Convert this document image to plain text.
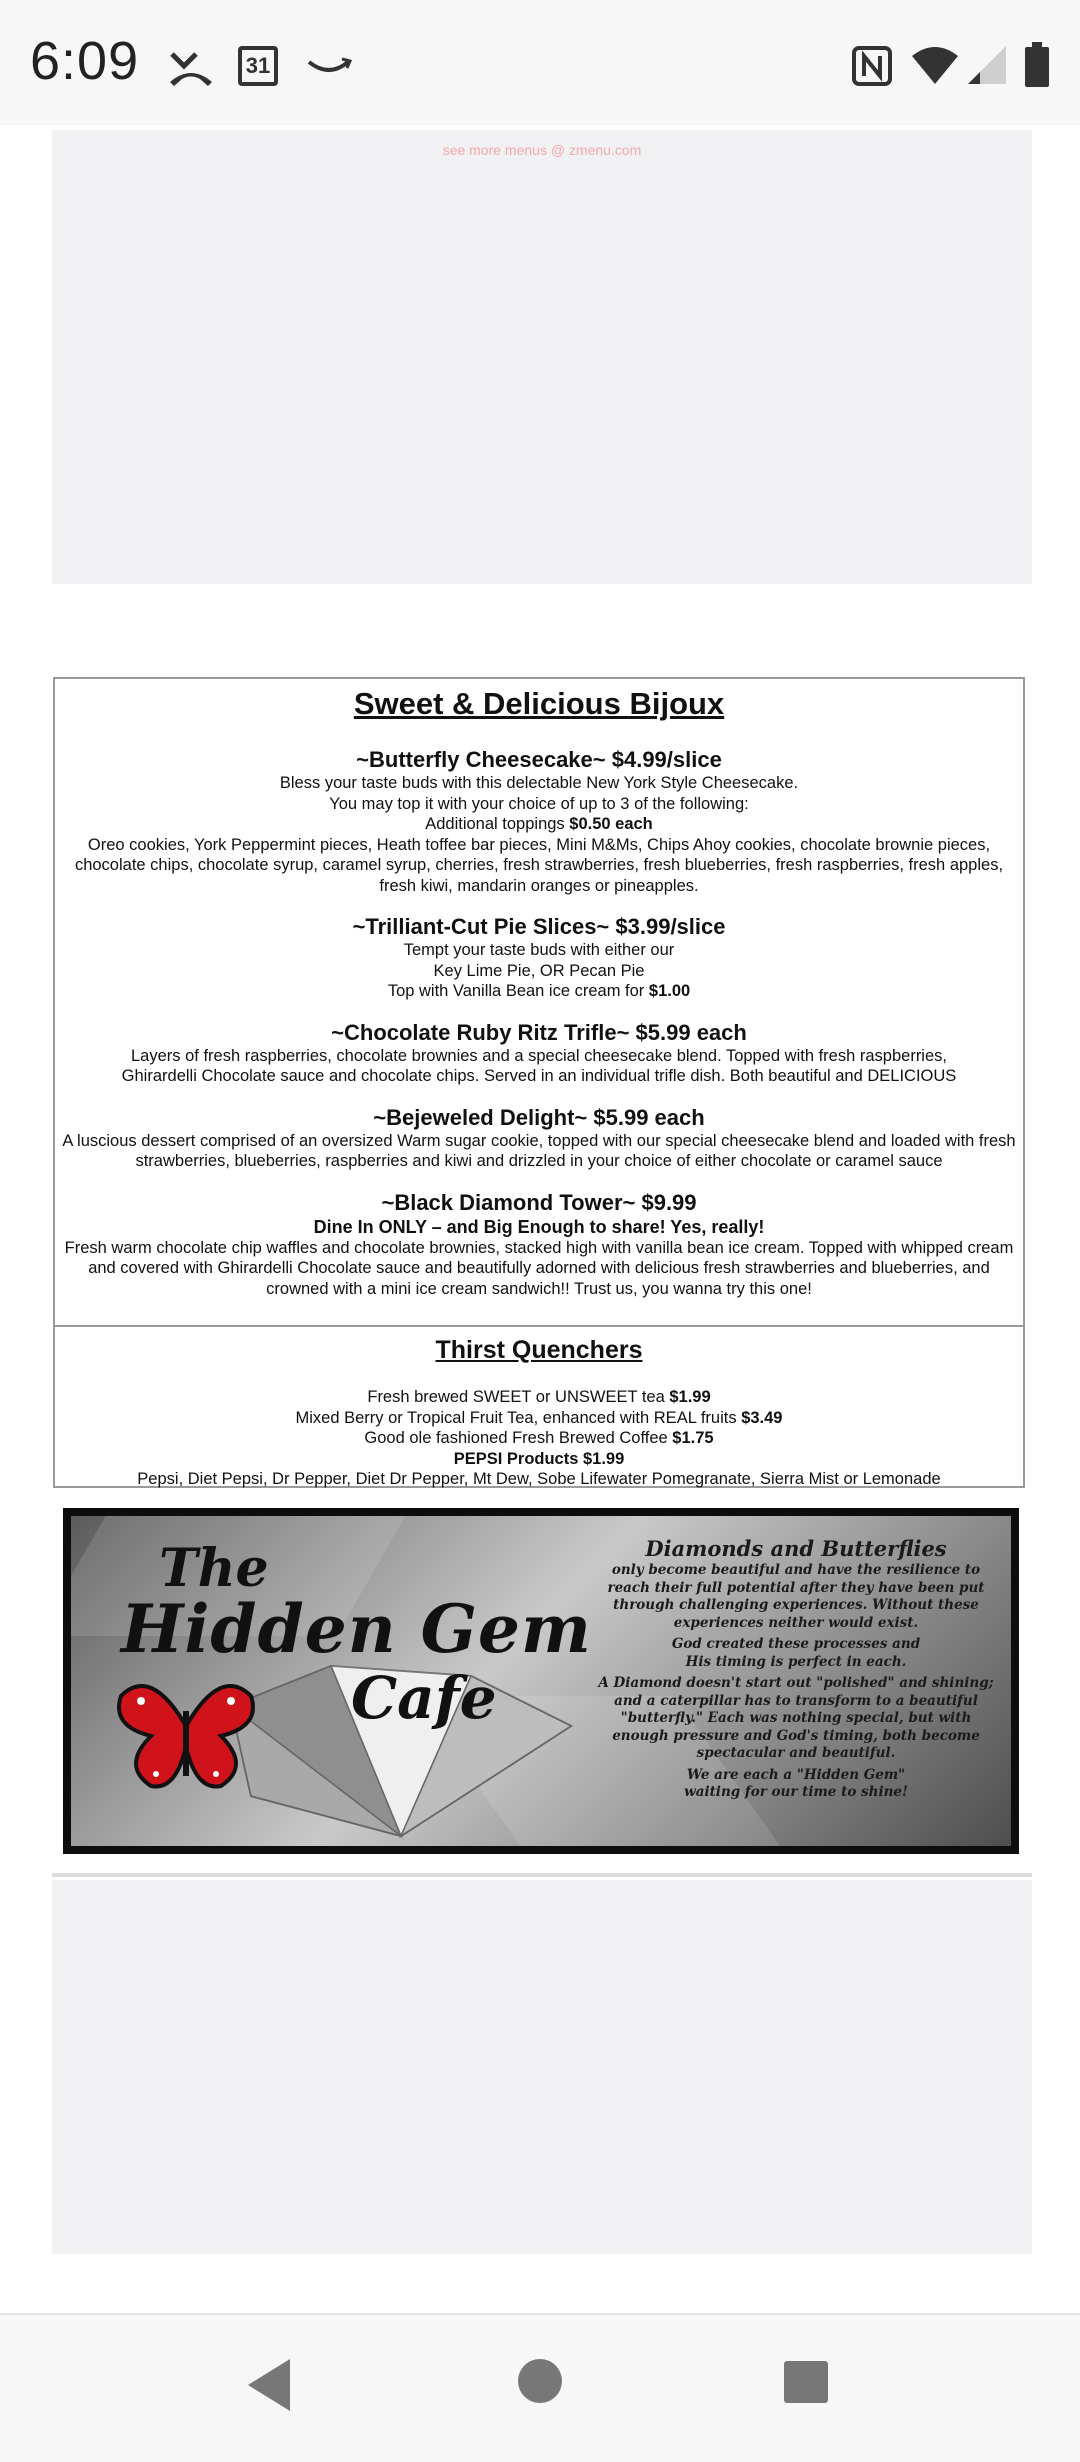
6:09	31
see more menus @ zmenu.com
Sweet & Delicious Bijoux
~Butterfly Cheesecake~ $4.99/slice
Bless your taste buds with this delectable New York Style Cheesecake.
You may top it with your choice of up to 3 of the following:
Additional toppings $0.50 each
Oreo cookies, York Peppermint pieces, Heath toffee bar pieces, Mini M&Ms, Chips Ahoy cookies, chocolate brownie pieces, chocolate chips, chocolate syrup, caramel syrup, cherries, fresh strawberries, fresh blueberries, fresh raspberries, fresh apples, fresh kiwi, mandarin oranges or pineapples.
~Trilliant-Cut Pie Slices~ $3.99/slice
Tempt your taste buds with either our
Key Lime Pie, OR Pecan Pie
Top with Vanilla Bean ice cream for $1.00
~Chocolate Ruby Ritz Trifle~ $5.99 each
Layers of fresh raspberries, chocolate brownies and a special cheesecake blend. Topped with fresh raspberries, Ghirardelli Chocolate sauce and chocolate chips. Served in an individual trifle dish. Both beautiful and DELICIOUS
~Bejeweled Delight~ $5.99 each
A luscious dessert comprised of an oversized Warm sugar cookie, topped with our special cheesecake blend and loaded with fresh strawberries, blueberries, raspberries and kiwi and drizzled in your choice of either chocolate or caramel sauce
~Black Diamond Tower~ $9.99
Dine In ONLY – and Big Enough to share! Yes, really!
Fresh warm chocolate chip waffles and chocolate brownies, stacked high with vanilla bean ice cream. Topped with whipped cream and covered with Ghirardelli Chocolate sauce and beautifully adorned with delicious fresh strawberries and blueberries, and crowned with a mini ice cream sandwich!! Trust us, you wanna try this one!
Thirst Quenchers
Fresh brewed SWEET or UNSWEET tea $1.99
Mixed Berry or Tropical Fruit Tea, enhanced with REAL fruits $3.49
Good ole fashioned Fresh Brewed Coffee $1.75
PEPSI Products $1.99
Pepsi, Diet Pepsi, Dr Pepper, Diet Dr Pepper, Mt Dew, Sobe Lifewater Pomegranate, Sierra Mist or Lemonade
The
Hidden Gem
Cafe
Diamonds and Butterflies
only become beautiful and have the resilience to
reach their full potential after they have been put
through challenging experiences. Without these
experiences neither would exist.
God created these processes and
His timing is perfect in each.
A Diamond doesn't start out "polished" and shining;
and a caterpillar has to transform to a beautiful
"butterfly." Each was nothing special, but with
enough pressure and God's timing, both become
spectacular and beautiful.
We are each a "Hidden Gem"
waiting for our time to shine!
